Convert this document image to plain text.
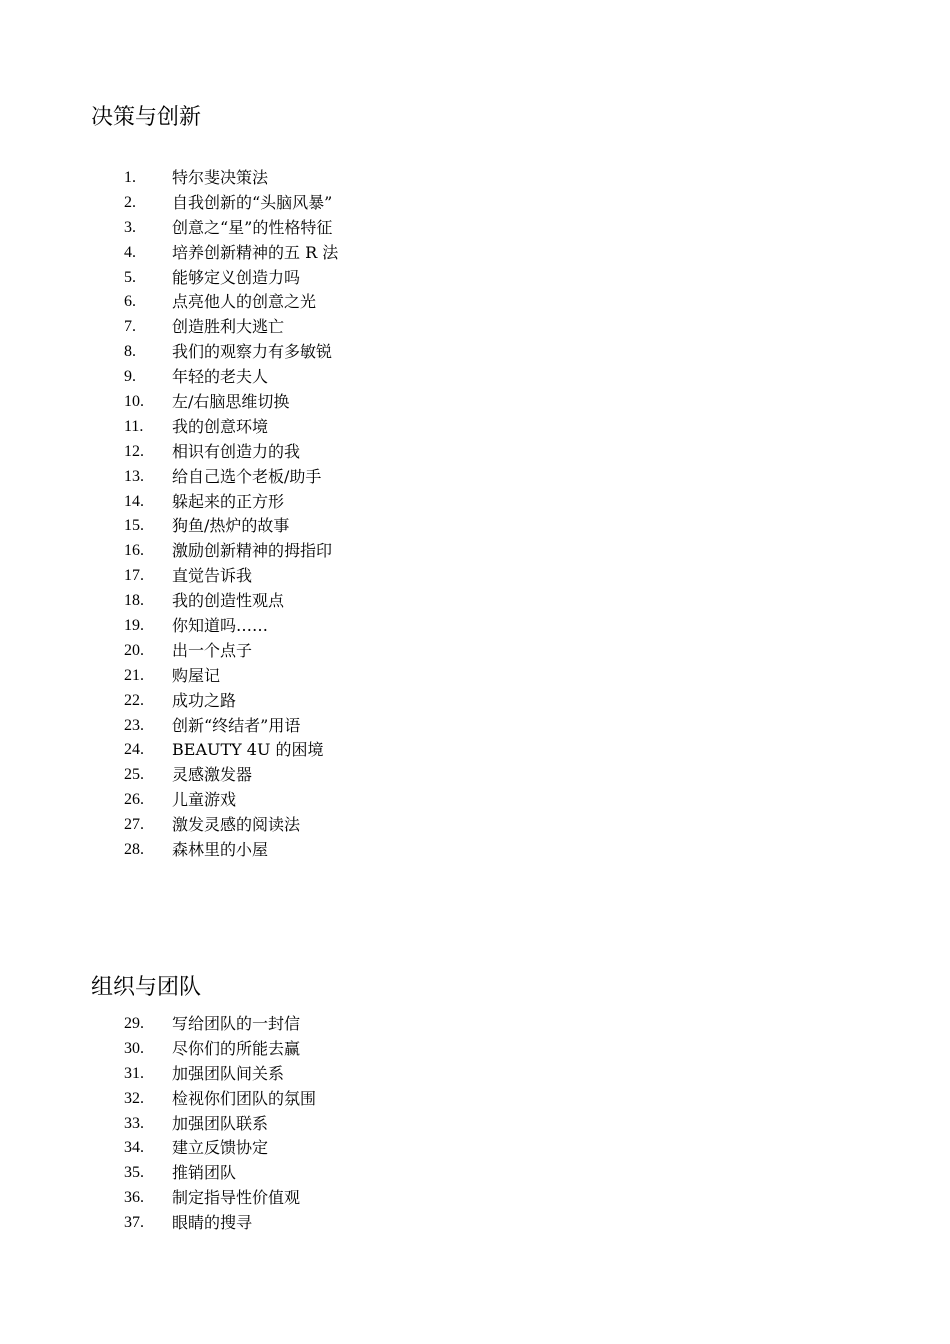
决策与创新
1. 特尔斐决策法
2. 自我创新的“头脑风暴”
3. 创意之“星”的性格特征
4. 培养创新精神的五 R 法
5. 能够定义创造力吗
6. 点亮他人的创意之光
7. 创造胜利大逃亡
8. 我们的观察力有多敏锐
9. 年轻的老夫人
10. 左/右脑思维切换
11. 我的创意环境
12. 相识有创造力的我
13. 给自己选个老板/助手
14. 躲起来的正方形
15. 狗鱼/热炉的故事
16. 激励创新精神的拇指印
17. 直觉告诉我
18. 我的创造性观点
19. 你知道吗……
20. 出一个点子
21. 购屋记
22. 成功之路
23. 创新“终结者”用语
24. BEAUTY 4U 的困境
25. 灵感激发器
26. 儿童游戏
27. 激发灵感的阅读法
28. 森林里的小屋
组织与团队
29. 写给团队的一封信
30. 尽你们的所能去赢
31. 加强团队间关系
32. 检视你们团队的氛围
33. 加强团队联系
34. 建立反馈协定
35. 推销团队
36. 制定指导性价值观
37. 眼睛的搜寻
